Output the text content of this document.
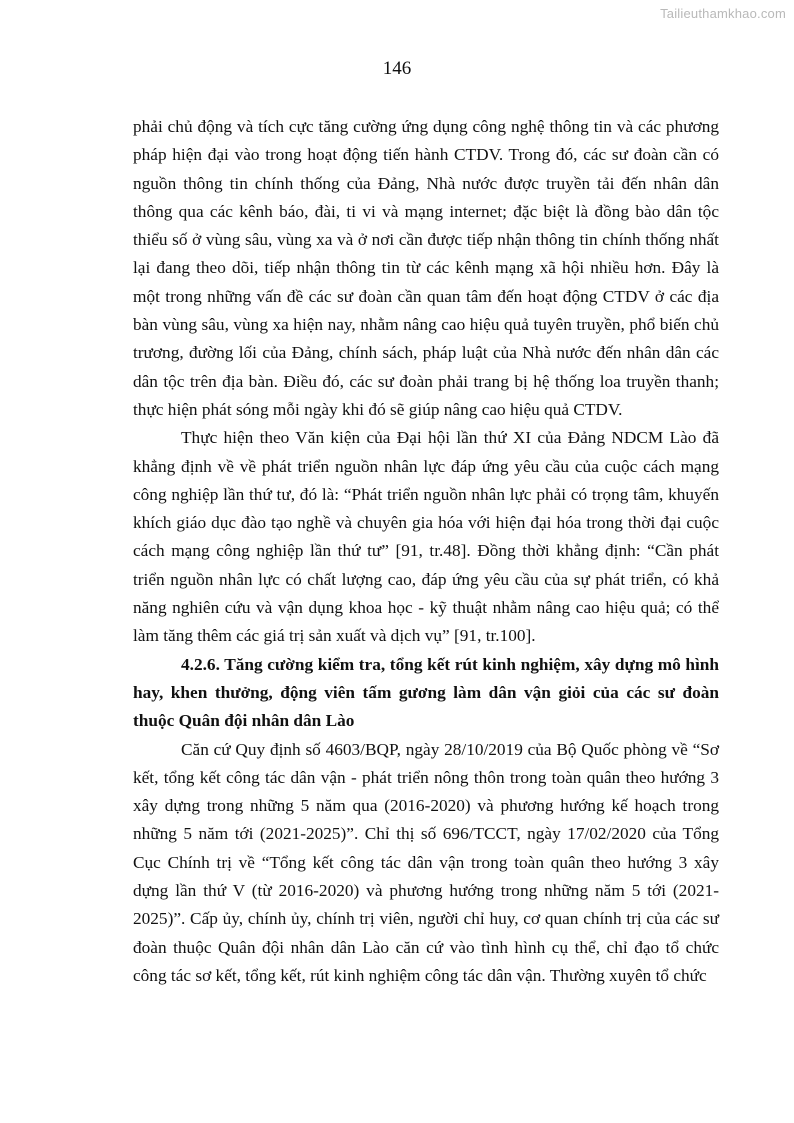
Tailieuthamkhao.com
146

phải chủ động và tích cực tăng cường ứng dụng công nghệ thông tin và các phương pháp hiện đại vào trong hoạt động tiến hành CTDV. Trong đó, các sư đoàn cần có nguồn thông tin chính thống của Đảng, Nhà nước được truyền tải đến nhân dân thông qua các kênh báo, đài, ti vi và mạng internet; đặc biệt là đồng bào dân tộc thiểu số ở vùng sâu, vùng xa và ở nơi cần được tiếp nhận thông tin chính thống nhất lại đang theo dõi, tiếp nhận thông tin từ các kênh mạng xã hội nhiều hơn. Đây là một trong những vấn đề các sư đoàn cần quan tâm đến hoạt động CTDV ở các địa bàn vùng sâu, vùng xa hiện nay, nhằm nâng cao hiệu quả tuyên truyền, phổ biến chủ trương, đường lối của Đảng, chính sách, pháp luật của Nhà nước đến nhân dân các dân tộc trên địa bàn. Điều đó, các sư đoàn phải trang bị hệ thống loa truyền thanh; thực hiện phát sóng mỗi ngày khi đó sẽ giúp nâng cao hiệu quả CTDV.

Thực hiện theo Văn kiện của Đại hội lần thứ XI của Đảng NDCM Lào đã khẳng định về về phát triển nguồn nhân lực đáp ứng yêu cầu của cuộc cách mạng công nghiệp lần thứ tư, đó là: “Phát triển nguồn nhân lực phải có trọng tâm, khuyến khích giáo dục đào tạo nghề và chuyên gia hóa với hiện đại hóa trong thời đại cuộc cách mạng công nghiệp lần thứ tư” [91, tr.48]. Đồng thời khẳng định: “Cần phát triển nguồn nhân lực có chất lượng cao, đáp ứng yêu cầu của sự phát triển, có khả năng nghiên cứu và vận dụng khoa học - kỹ thuật nhằm nâng cao hiệu quả; có thể làm tăng thêm các giá trị sản xuất và dịch vụ” [91, tr.100].

4.2.6. Tăng cường kiểm tra, tổng kết rút kinh nghiệm, xây dựng mô hình hay, khen thưởng, động viên tấm gương làm dân vận giỏi của các sư đoàn thuộc Quân đội nhân dân Lào

Căn cứ Quy định số 4603/BQP, ngày 28/10/2019 của Bộ Quốc phòng về “Sơ kết, tổng kết công tác dân vận - phát triển nông thôn trong toàn quân theo hướng 3 xây dựng trong những 5 năm qua (2016-2020) và phương hướng kế hoạch trong những 5 năm tới (2021-2025)”. Chỉ thị số 696/TCCT, ngày 17/02/2020 của Tổng Cục Chính trị về “Tổng kết công tác dân vận trong toàn quân theo hướng 3 xây dựng lần thứ V (từ 2016-2020) và phương hướng trong những năm 5 tới (2021-2025)”. Cấp ủy, chính ủy, chính trị viên, người chỉ huy, cơ quan chính trị của các sư đoàn thuộc Quân đội nhân dân Lào căn cứ vào tình hình cụ thể, chỉ đạo tổ chức công tác sơ kết, tổng kết, rút kinh nghiệm công tác dân vận. Thường xuyên tổ chức
